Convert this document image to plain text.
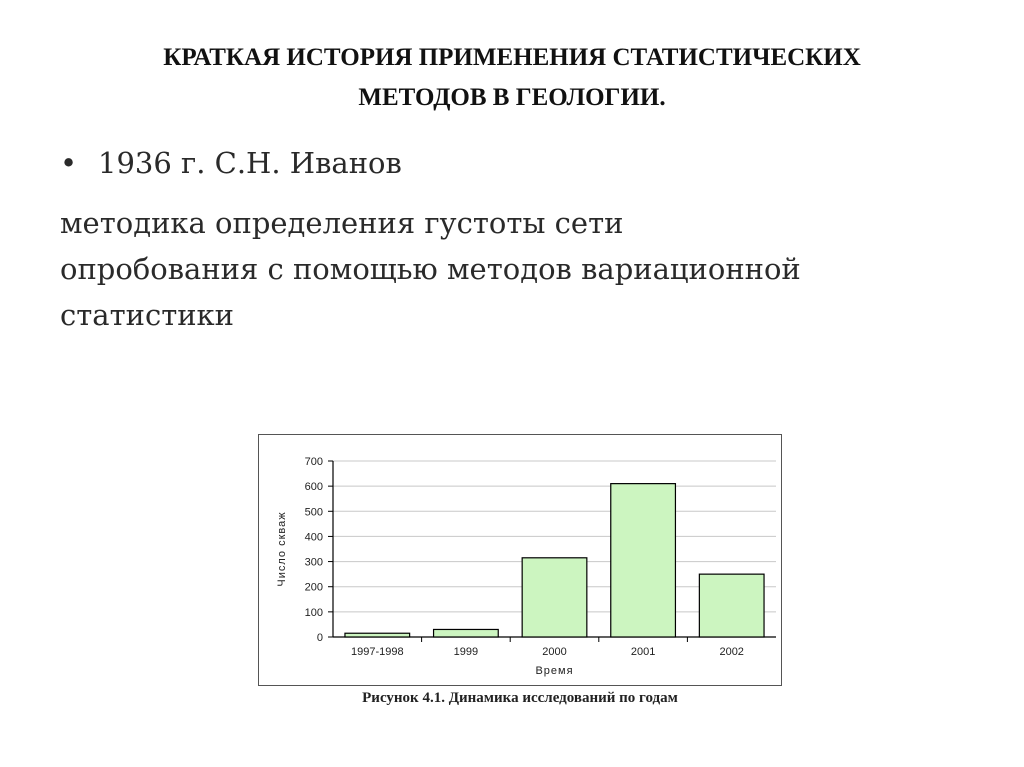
КРАТКАЯ ИСТОРИЯ ПРИМЕНЕНИЯ СТАТИСТИЧЕСКИХ
МЕТОДОВ В ГЕОЛОГИИ.
• 1936 г. С.Н. Иванов
методика определения густоты сети
опробования с помощью методов вариационной
статистики
0
100
200
300
400
500
600
700
1997-1998	1999	2000	2001	2002
Время
Число скваж
Рисунок 4.1. Динамика исследований по годам
